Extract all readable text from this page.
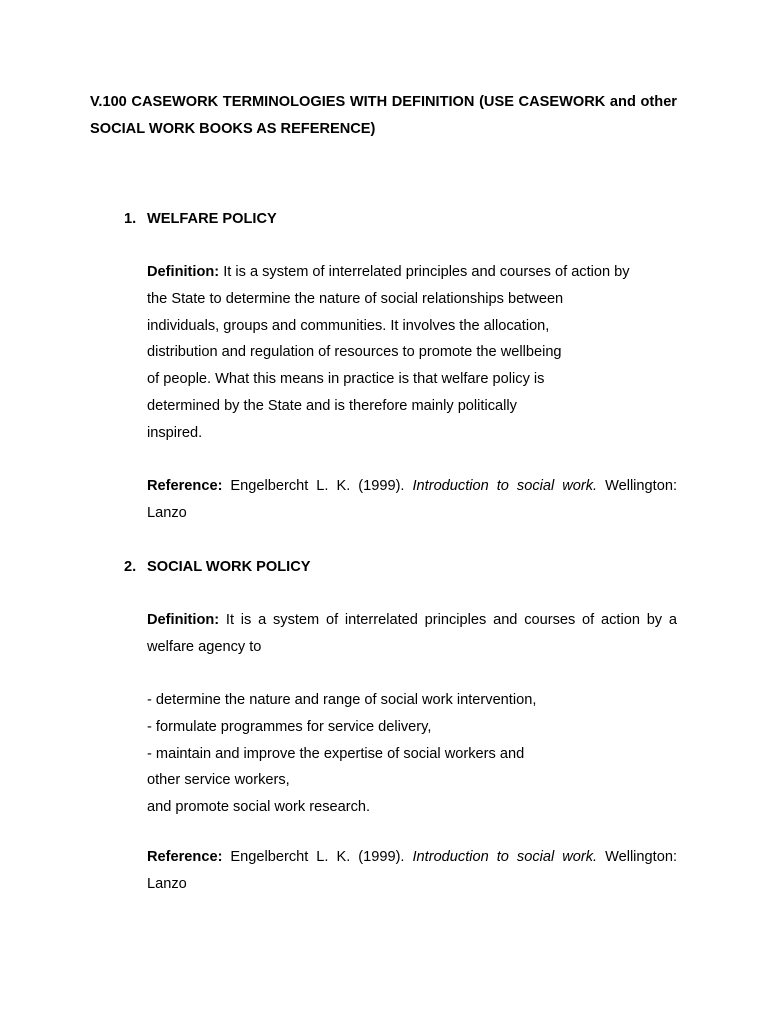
V.100 CASEWORK TERMINOLOGIES WITH DEFINITION (USE CASEWORK and other SOCIAL WORK BOOKS AS REFERENCE)
1. WELFARE POLICY
Definition: It is a system of interrelated principles and courses of action by
the State to determine the nature of social relationships between
individuals, groups and communities. It involves the allocation,
distribution and regulation of resources to promote the wellbeing
of people. What this means in practice is that welfare policy is
determined by the State and is therefore mainly politically
inspired.
Reference: Engelbercht L. K. (1999). Introduction to social work. Wellington:
Lanzo
2. SOCIAL WORK POLICY
Definition: It is a system of interrelated principles and courses of action by a
welfare agency to
- determine the nature and range of social work intervention,
- formulate programmes for service delivery,
- maintain and improve the expertise of social workers and
other service workers,
and promote social work research.
Reference: Engelbercht L. K. (1999). Introduction to social work. Wellington:
Lanzo
